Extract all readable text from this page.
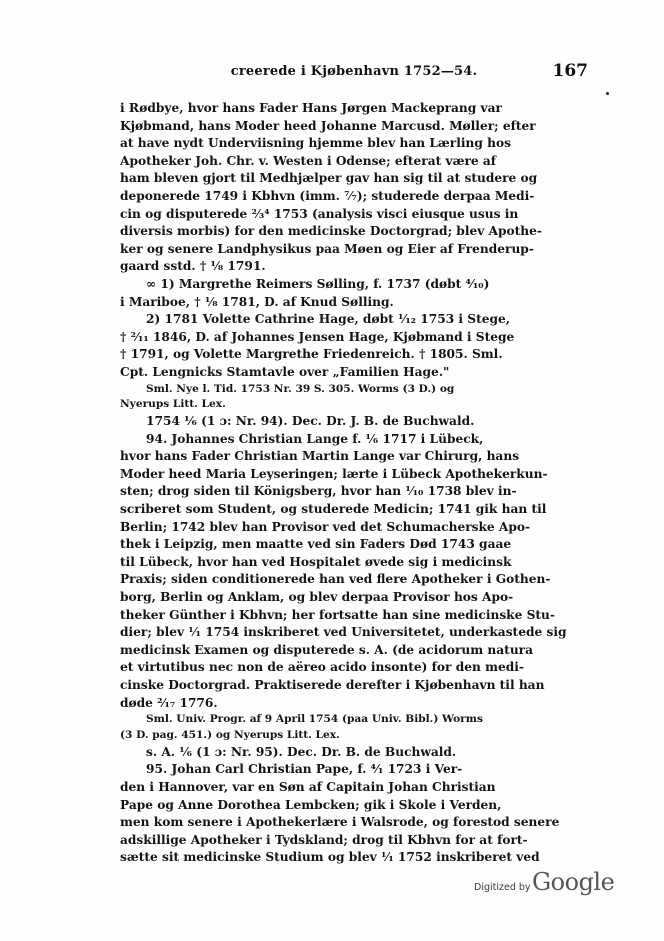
creerede i Kjøbenhavn 1752—54.	167
i Rødbye, hvor hans Fader Hans Jørgen Mackeprang var
Kjøbmand, hans Moder heed Johanne Marcusd. Møller; efter
at have nydt Underviisning hjemme blev han Lærling hos
Apotheker Joh. Chr. v. Westen i Odense; efterat være af
ham bleven gjort til Medhjælper gav han sig til at studere og
deponerede 1749 i Kbhvn (imm. ⁷⁄₇); studerede derpaa Medi-
cin og disputerede ²⁄₃⁴ 1753 (analysis visci eiusque usus in
diversis morbis) for den medicinske Doctorgrad; blev Apothe-
ker og senere Landphysikus paa Møen og Eier af Frenderup-
gaard sstd. † ¹⁄₈ 1791.
∞ 1) Margrethe Reimers Sølling, f. 1737 (døbt ⁴⁄₁₀)
i Mariboe, † ¹⁄₈ 1781, D. af Knud Sølling.
2) 1781 Volette Cathrine Hage, døbt ¹⁄₁₂ 1753 i Stege,
† ²⁄₁₁ 1846, D. af Johannes Jensen Hage, Kjøbmand i Stege
† 1791, og Volette Margrethe Friedenreich. † 1805. Sml.
Cpt. Lengnicks Stamtavle over „Familien Hage."
Sml. Nye l. Tid. 1753 Nr. 39 S. 305. Worms (3 D.) og
Nyerups Litt. Lex.
1754 ¹⁄₆ (1 ɔ: Nr. 94). Dec. Dr. J. B. de Buchwald.
94. Johannes Christian Lange f. ¹⁄₆ 1717 i Lübeck,
hvor hans Fader Christian Martin Lange var Chirurg, hans
Moder heed Maria Leyseringen; lærte i Lübeck Apothekerkun-
sten; drog siden til Königsberg, hvor han ¹⁄₁₀ 1738 blev in-
scriberet som Student, og studerede Medicin; 1741 gik han til
Berlin; 1742 blev han Provisor ved det Schumacherske Apo-
thek i Leipzig, men maatte ved sin Faders Død 1743 gaae
til Lübeck, hvor han ved Hospitalet øvede sig i medicinsk
Praxis; siden conditionerede han ved flere Apotheker i Gothen-
borg, Berlin og Anklam, og blev derpaa Provisor hos Apo-
theker Günther i Kbhvn; her fortsatte han sine medicinske Stu-
dier; blev ¹⁄₁ 1754 inskriberet ved Universitetet, underkastede sig
medicinsk Examen og disputerede s. A. (de acidorum natura
et virtutibus nec non de aëreo acido insonte) for den medi-
cinske Doctorgrad. Praktiserede derefter i Kjøbenhavn til han
døde ²⁄₁₇ 1776.
Sml. Univ. Progr. af 9 April 1754 (paa Univ. Bibl.) Worms
(3 D. pag. 451.) og Nyerups Litt. Lex.
s. A. ¹⁄₆ (1 ɔ: Nr. 95). Dec. Dr. B. de Buchwald.
95. Johan Carl Christian Pape, f. ⁴⁄₁ 1723 i Ver-
den i Hannover, var en Søn af Capitain Johan Christian
Pape og Anne Dorothea Lembcken; gik i Skole i Verden,
men kom senere i Apothekerlære i Walsrode, og forestod senere
adskillige Apotheker i Tydskland; drog til Kbhvn for at fort-
sætte sit medicinske Studium og blev ¹⁄₁ 1752 inskriberet ved
Digitized by Google
